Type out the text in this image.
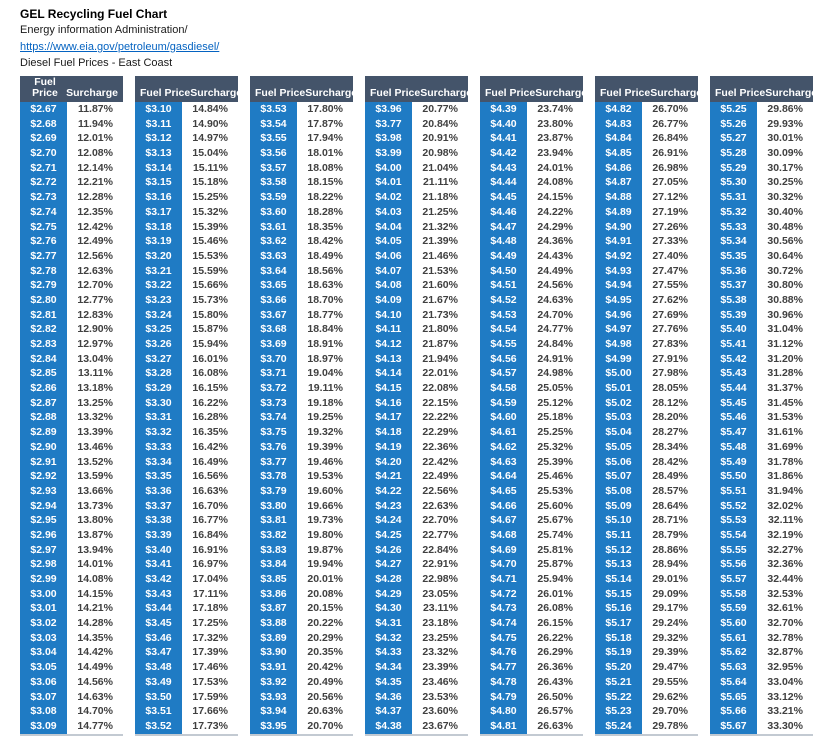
GEL Recycling Fuel Chart
Energy information Administration/
https://www.eia.gov/petroleum/gasdiesel/
Diesel Fuel Prices - East Coast
Fuel Price Surcharge
$2.67	11.87%
$2.68	11.94%
$2.69	12.01%
$2.70	12.08%
$2.71	12.14%
$2.72	12.21%
$2.73	12.28%
$2.74	12.35%
$2.75	12.42%
$2.76	12.49%
$2.77	12.56%
$2.78	12.63%
$2.79	12.70%
$2.80	12.77%
$2.81	12.83%
$2.82	12.90%
$2.83	12.97%
$2.84	13.04%
$2.85	13.11%
$2.86	13.18%
$2.87	13.25%
$2.88	13.32%
$2.89	13.39%
$2.90	13.46%
$2.91	13.52%
$2.92	13.59%
$2.93	13.66%
$2.94	13.73%
$2.95	13.80%
$2.96	13.87%
$2.97	13.94%
$2.98	14.01%
$2.99	14.08%
$3.00	14.15%
$3.01	14.21%
$3.02	14.28%
$3.03	14.35%
$3.04	14.42%
$3.05	14.49%
$3.06	14.56%
$3.07	14.63%
$3.08	14.70%
$3.09	14.77%
Fuel Price Surcharge
$3.10	14.84%
$3.11	14.90%
$3.12	14.97%
$3.13	15.04%
$3.14	15.11%
$3.15	15.18%
$3.16	15.25%
$3.17	15.32%
$3.18	15.39%
$3.19	15.46%
$3.20	15.53%
$3.21	15.59%
$3.22	15.66%
$3.23	15.73%
$3.24	15.80%
$3.25	15.87%
$3.26	15.94%
$3.27	16.01%
$3.28	16.08%
$3.29	16.15%
$3.30	16.22%
$3.31	16.28%
$3.32	16.35%
$3.33	16.42%
$3.34	16.49%
$3.35	16.56%
$3.36	16.63%
$3.37	16.70%
$3.38	16.77%
$3.39	16.84%
$3.40	16.91%
$3.41	16.97%
$3.42	17.04%
$3.43	17.11%
$3.44	17.18%
$3.45	17.25%
$3.46	17.32%
$3.47	17.39%
$3.48	17.46%
$3.49	17.53%
$3.50	17.59%
$3.51	17.66%
$3.52	17.73%
Fuel Price Surcharge
$3.53	17.80%
$3.54	17.87%
$3.55	17.94%
$3.56	18.01%
$3.57	18.08%
$3.58	18.15%
$3.59	18.22%
$3.60	18.28%
$3.61	18.35%
$3.62	18.42%
$3.63	18.49%
$3.64	18.56%
$3.65	18.63%
$3.66	18.70%
$3.67	18.77%
$3.68	18.84%
$3.69	18.91%
$3.70	18.97%
$3.71	19.04%
$3.72	19.11%
$3.73	19.18%
$3.74	19.25%
$3.75	19.32%
$3.76	19.39%
$3.77	19.46%
$3.78	19.53%
$3.79	19.60%
$3.80	19.66%
$3.81	19.73%
$3.82	19.80%
$3.83	19.87%
$3.84	19.94%
$3.85	20.01%
$3.86	20.08%
$3.87	20.15%
$3.88	20.22%
$3.89	20.29%
$3.90	20.35%
$3.91	20.42%
$3.92	20.49%
$3.93	20.56%
$3.94	20.63%
$3.95	20.70%
Fuel Price Surcharge
$3.96	20.77%
$3.77	20.84%
$3.98	20.91%
$3.99	20.98%
$4.00	21.04%
$4.01	21.11%
$4.02	21.18%
$4.03	21.25%
$4.04	21.32%
$4.05	21.39%
$4.06	21.46%
$4.07	21.53%
$4.08	21.60%
$4.09	21.67%
$4.10	21.73%
$4.11	21.80%
$4.12	21.87%
$4.13	21.94%
$4.14	22.01%
$4.15	22.08%
$4.16	22.15%
$4.17	22.22%
$4.18	22.29%
$4.19	22.36%
$4.20	22.42%
$4.21	22.49%
$4.22	22.56%
$4.23	22.63%
$4.24	22.70%
$4.25	22.77%
$4.26	22.84%
$4.27	22.91%
$4.28	22.98%
$4.29	23.05%
$4.30	23.11%
$4.31	23.18%
$4.32	23.25%
$4.33	23.32%
$4.34	23.39%
$4.35	23.46%
$4.36	23.53%
$4.37	23.60%
$4.38	23.67%
Fuel Price Surcharge
$4.39	23.74%
$4.40	23.80%
$4.41	23.87%
$4.42	23.94%
$4.43	24.01%
$4.44	24.08%
$4.45	24.15%
$4.46	24.22%
$4.47	24.29%
$4.48	24.36%
$4.49	24.43%
$4.50	24.49%
$4.51	24.56%
$4.52	24.63%
$4.53	24.70%
$4.54	24.77%
$4.55	24.84%
$4.56	24.91%
$4.57	24.98%
$4.58	25.05%
$4.59	25.12%
$4.60	25.18%
$4.61	25.25%
$4.62	25.32%
$4.63	25.39%
$4.64	25.46%
$4.65	25.53%
$4.66	25.60%
$4.67	25.67%
$4.68	25.74%
$4.69	25.81%
$4.70	25.87%
$4.71	25.94%
$4.72	26.01%
$4.73	26.08%
$4.74	26.15%
$4.75	26.22%
$4.76	26.29%
$4.77	26.36%
$4.78	26.43%
$4.79	26.50%
$4.80	26.57%
$4.81	26.63%
Fuel Price Surcharge
$4.82	26.70%
$4.83	26.77%
$4.84	26.84%
$4.85	26.91%
$4.86	26.98%
$4.87	27.05%
$4.88	27.12%
$4.89	27.19%
$4.90	27.26%
$4.91	27.33%
$4.92	27.40%
$4.93	27.47%
$4.94	27.55%
$4.95	27.62%
$4.96	27.69%
$4.97	27.76%
$4.98	27.83%
$4.99	27.91%
$5.00	27.98%
$5.01	28.05%
$5.02	28.12%
$5.03	28.20%
$5.04	28.27%
$5.05	28.34%
$5.06	28.42%
$5.07	28.49%
$5.08	28.57%
$5.09	28.64%
$5.10	28.71%
$5.11	28.79%
$5.12	28.86%
$5.13	28.94%
$5.14	29.01%
$5.15	29.09%
$5.16	29.17%
$5.17	29.24%
$5.18	29.32%
$5.19	29.39%
$5.20	29.47%
$5.21	29.55%
$5.22	29.62%
$5.23	29.70%
$5.24	29.78%
Fuel Price Surcharge
$5.25	29.86%
$5.26	29.93%
$5.27	30.01%
$5.28	30.09%
$5.29	30.17%
$5.30	30.25%
$5.31	30.32%
$5.32	30.40%
$5.33	30.48%
$5.34	30.56%
$5.35	30.64%
$5.36	30.72%
$5.37	30.80%
$5.38	30.88%
$5.39	30.96%
$5.40	31.04%
$5.41	31.12%
$5.42	31.20%
$5.43	31.28%
$5.44	31.37%
$5.45	31.45%
$5.46	31.53%
$5.47	31.61%
$5.48	31.69%
$5.49	31.78%
$5.50	31.86%
$5.51	31.94%
$5.52	32.02%
$5.53	32.11%
$5.54	32.19%
$5.55	32.27%
$5.56	32.36%
$5.57	32.44%
$5.58	32.53%
$5.59	32.61%
$5.60	32.70%
$5.61	32.78%
$5.62	32.87%
$5.63	32.95%
$5.64	33.04%
$5.65	33.12%
$5.66	33.21%
$5.67	33.30%
